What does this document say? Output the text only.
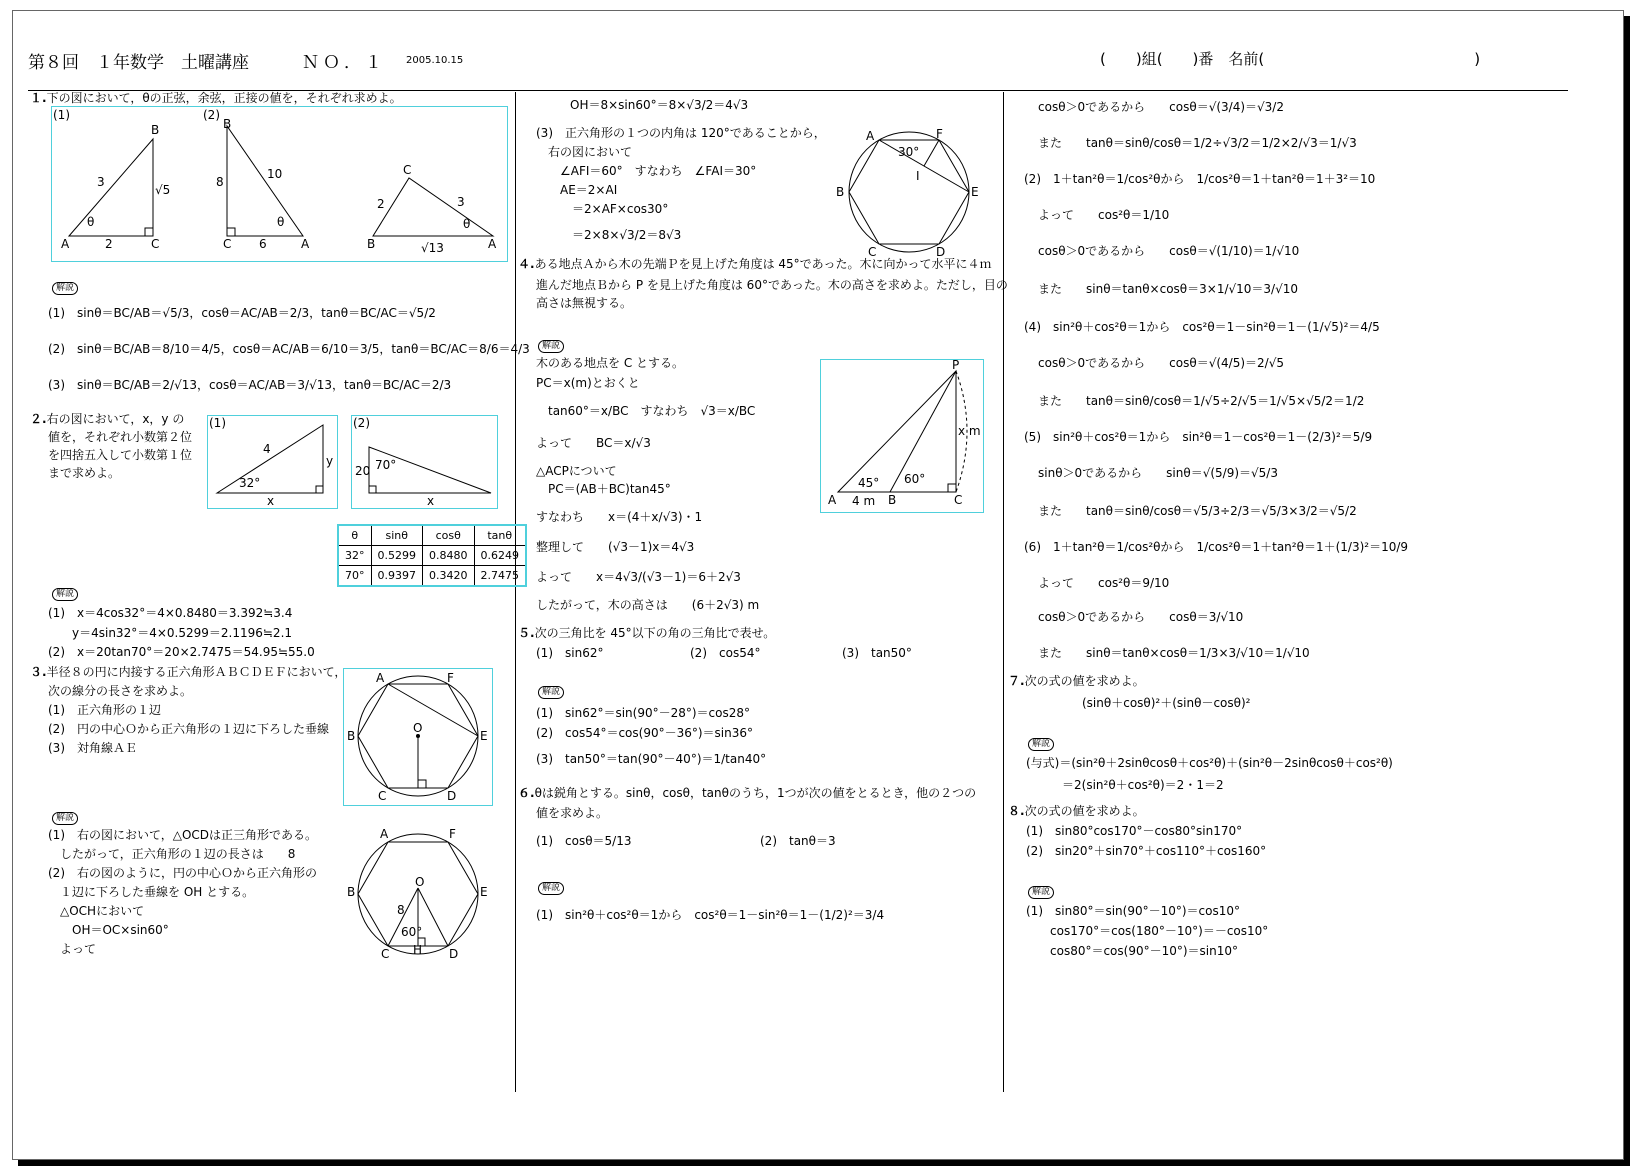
第８回　１年数学　土曜講座	ＮＯ．１ 2005.10.15	(　　)組(　　)番　名前(　　　　　　　　　　　　　　)
１.下の図において，θの正弦，余弦，正接の値を，それぞれ求めよ。
(1)
A
B
C
3
2
√5
θ
(2)
B
C	A
8
10
6
θ
B
C
A
2	3
√13
θ
解説
(1)　sinθ＝BC/AB＝√5/3，cosθ＝AC/AB＝2/3，tanθ＝BC/AC＝√5/2
(2)　sinθ＝BC/AB＝8/10＝4/5，cosθ＝AC/AB＝6/10＝3/5，tanθ＝BC/AC＝8/6＝4/3
(3)　sinθ＝BC/AB＝2/√13，cosθ＝AC/AB＝3/√13，tanθ＝BC/AC＝2/3
２.右の図において，x，y の
値を，それぞれ小数第２位
を四捨五入して小数第１位
まで求めよ。
(1)
4
y
x
32°
(2)
20
x
70°
θ	sinθ	cosθ	tanθ
32°	0.5299	0.8480	0.6249
70°	0.9397	0.3420	2.7475
解説
(1)　x＝4cos32°＝4×0.8480＝3.392≒3.4
　　y＝4sin32°＝4×0.5299＝2.1196≒2.1
(2)　x＝20tan70°＝20×2.7475＝54.95≒55.0
３.半径８の円に内接する正六角形ＡＢＣＤＥＦにおいて，
次の線分の長さを求めよ。
(1)　正六角形の１辺
(2)　円の中心Ｏから正六角形の１辺に下ろした垂線
(3)　対角線ＡＥ
A	F
B	E
C	D
O
解説
(1)　右の図において，△OCDは正三角形である。
　したがって，正六角形の１辺の長さは　　8
(2)　右の図のように，円の中心Ｏから正六角形の
　１辺に下ろした垂線を OH とする。
　△OCHにおいて
　　OH＝OC×sin60°
　よって
A	F
B	E
C	D
O
H
8
60°
OH＝8×sin60°＝8×√3/2＝4√3
(3)　正六角形の１つの内角は 120°であることから，
　右の図において
　　∠AFI＝60°　すなわち　∠FAI＝30°
　　AE＝2×AI
　　　＝2×AF×cos30°
　　　＝2×8×√3/2＝8√3
A	F
B	E
C	D
I
30°
４.ある地点Ａから木の先端Ｐを見上げた角度は 45°であった。木に向かって水平に４ｍ
進んだ地点Ｂから P を見上げた角度は 60°であった。木の高さを求めよ。ただし，目の
高さは無視する。
解説
木のある地点を C とする。
PC＝x(m)とおくと
　tan60°＝x/BC　すなわち　√3＝x/BC
よって　　BC＝x/√3
△ACPについて
　PC＝(AB＋BC)tan45°
すなわち　　x＝(4＋x/√3)・1
整理して　　(√3－1)x＝4√3
よって　　x＝4√3/(√3－1)＝6＋2√3
したがって，木の高さは　　(6＋2√3) m
A	B	C
P
45° 60°
4 m
x m
５.次の三角比を 45°以下の角の三角比で表せ。
(1)　sin62°	(2)　cos54°	(3)　tan50°
解説
(1)　sin62°＝sin(90°－28°)＝cos28°
(2)　cos54°＝cos(90°－36°)＝sin36°
(3)　tan50°＝tan(90°－40°)＝1/tan40°
６.θは鋭角とする。sinθ，cosθ，tanθのうち，1つが次の値をとるとき，他の２つの
値を求めよ。
(1)　cosθ＝5/13	(2)　tanθ＝3
解説
(1)　sin²θ＋cos²θ＝1から　cos²θ＝1－sin²θ＝1－(1/2)²＝3/4
cosθ＞0であるから　　cosθ＝√(3/4)＝√3/2
また　　tanθ＝sinθ/cosθ＝1/2÷√3/2＝1/2×2/√3＝1/√3
(2)　1＋tan²θ＝1/cos²θから　1/cos²θ＝1＋tan²θ＝1＋3²＝10
よって　　cos²θ＝1/10
cosθ＞0であるから　　cosθ＝√(1/10)＝1/√10
また　　sinθ＝tanθ×cosθ＝3×1/√10＝3/√10
(4)　sin²θ＋cos²θ＝1から　cos²θ＝1－sin²θ＝1－(1/√5)²＝4/5
cosθ＞0であるから　　cosθ＝√(4/5)＝2/√5
また　　tanθ＝sinθ/cosθ＝1/√5÷2/√5＝1/√5×√5/2＝1/2
(5)　sin²θ＋cos²θ＝1から　sin²θ＝1－cos²θ＝1－(2/3)²＝5/9
sinθ＞0であるから　　sinθ＝√(5/9)＝√5/3
また　　tanθ＝sinθ/cosθ＝√5/3÷2/3＝√5/3×3/2＝√5/2
(6)　1＋tan²θ＝1/cos²θから　1/cos²θ＝1＋tan²θ＝1＋(1/3)²＝10/9
よって　　cos²θ＝9/10
cosθ＞0であるから　　cosθ＝3/√10
また　　sinθ＝tanθ×cosθ＝1/3×3/√10＝1/√10
７.次の式の値を求めよ。
(sinθ＋cosθ)²＋(sinθ－cosθ)²
解説
(与式)＝(sin²θ＋2sinθcosθ＋cos²θ)＋(sin²θ－2sinθcosθ＋cos²θ)
　　　＝2(sin²θ＋cos²θ)＝2・1＝2
８.次の式の値を求めよ。
(1)　sin80°cos170°－cos80°sin170°
(2)　sin20°＋sin70°＋cos110°＋cos160°
解説
(1)　sin80°＝sin(90°－10°)＝cos10°
　　cos170°＝cos(180°－10°)＝－cos10°
　　cos80°＝cos(90°－10°)＝sin10°
